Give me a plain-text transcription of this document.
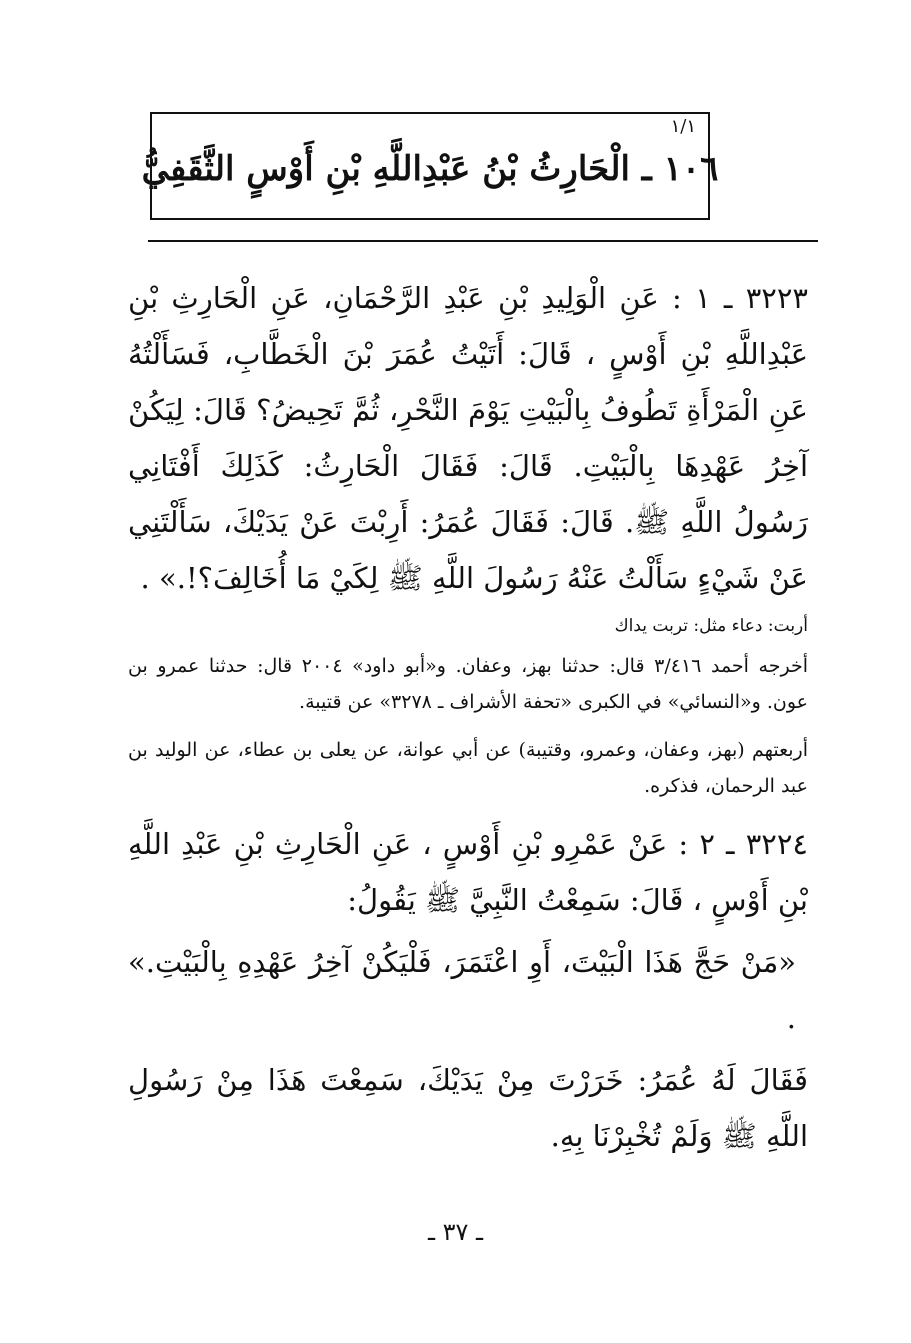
١/١
١٠٦ ـ الْحَارِثُ بْنُ عَبْدِاللَّهِ بْنِ أَوْسٍ الثَّقَفِيُّ

٣٢٢٣ ـ ١ : عَنِ الْوَلِيدِ بْنِ عَبْدِ الرَّحْمَانِ، عَنِ الْحَارِثِ بْنِ عَبْدِاللَّهِ بْنِ أَوْسٍ ، قَالَ: أَتَيْتُ عُمَرَ بْنَ الْخَطَّابِ، فَسَأَلْتُهُ عَنِ الْمَرْأَةِ تَطُوفُ بِالْبَيْتِ يَوْمَ النَّحْرِ، ثُمَّ تَحِيضُ؟ قَالَ: لِيَكُنْ آخِرُ عَهْدِهَا بِالْبَيْتِ. قَالَ: فَقَالَ الْحَارِثُ: كَذَلِكَ أَفْتَانِي رَسُولُ اللَّهِ ﷺ. قَالَ: فَقَالَ عُمَرُ: أَرِبْتَ عَنْ يَدَيْكَ، سَأَلْتَنِي عَنْ شَيْءٍ سَأَلْتُ عَنْهُ رَسُولَ اللَّهِ ﷺ لِكَيْ مَا أُخَالِفَ؟!.» .

أربت: دعاء مثل: تربت يداك

أخرجه أحمد ٣/٤١٦ قال: حدثنا بهز، وعفان. و«أبو داود» ٢٠٠٤ قال: حدثنا عمرو بن عون. و«النسائي» في الكبرى «تحفة الأشراف ـ ٣٢٧٨» عن قتيبة.

أربعتهم (بهز، وعفان، وعمرو، وقتيبة) عن أبي عوانة، عن يعلى بن عطاء، عن الوليد بن عبد الرحمان، فذكره.

٣٢٢٤ ـ ٢ : عَنْ عَمْرِو بْنِ أَوْسٍ ، عَنِ الْحَارِثِ بْنِ عَبْدِ اللَّهِ بْنِ أَوْسٍ ، قَالَ: سَمِعْتُ النَّبِيَّ ﷺ يَقُولُ:

«مَنْ حَجَّ هَذَا الْبَيْتَ، أَوِ اعْتَمَرَ، فَلْيَكُنْ آخِرُ عَهْدِهِ بِالْبَيْتِ.» .

فَقَالَ لَهُ عُمَرُ: خَرَرْتَ مِنْ يَدَيْكَ، سَمِعْتَ هَذَا مِنْ رَسُولِ اللَّهِ ﷺ وَلَمْ تُخْبِرْنَا بِهِ.

ـ ٣٧ ـ
